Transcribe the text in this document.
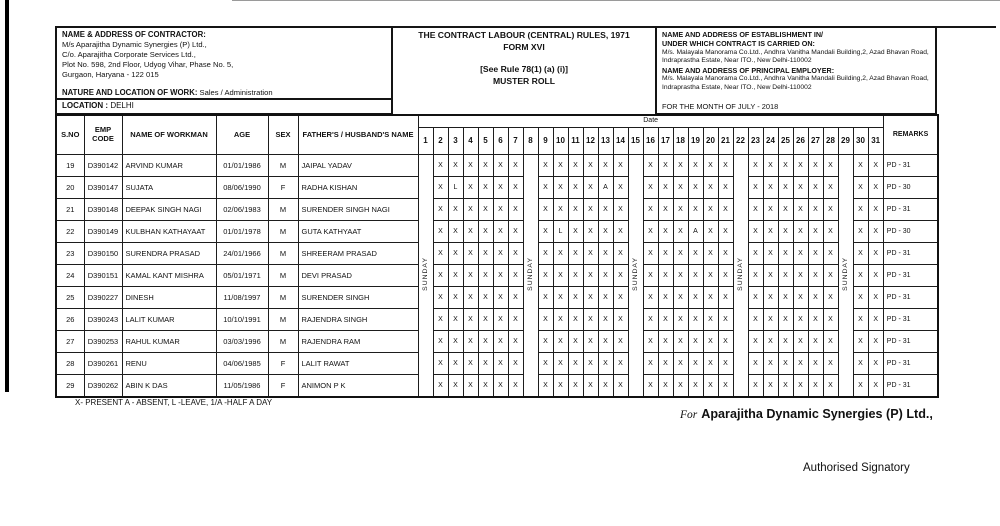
NAME & ADDRESS OF CONTRACTOR:
M/s Aparajitha Dynamic Synergies (P) Ltd.,
C/o. Aparajitha Corporate Services Ltd.,
Plot No. 598, 2nd Floor, Udyog Vihar, Phase No. 5,
Gurgaon, Haryana - 122 015
NATURE AND LOCATION OF WORK: Sales / Administration
LOCATION : DELHI
THE CONTRACT LABOUR (CENTRAL) RULES, 1971
FORM XVI
[See Rule 78(1) (a) (i)]
MUSTER ROLL
NAME AND ADDRESS OF ESTABLISHMENT IN/
UNDER WHICH CONTRACT IS CARRIED ON:
M/s. Malayala Manorama Co.Ltd., Andhra Vanitha Mandali Building,2, Azad Bhavan Road,
Indraprastha Estate, Near ITO., New Delhi-110002
NAME AND ADDRESS OF PRINCIPAL EMPLOYER:
M/s. Malayala Manorama Co.Ltd., Andhra Vanitha Mandali Building,2, Azad Bhavan Road,
Indraprastha Estate, Near ITO., New Delhi-110002
FOR THE MONTH OF JULY - 2018
S.NO	EMP CODE	NAME OF WORKMAN	AGE	SEX	FATHER'S / HUSBAND'S NAME	Date																															REMARKS
						1	2	3	4	5	6	7	8	9	10	11	12	13	14	15	16	17	18	19	20	21	22	23	24	25	26	27	28	29	30	31	
19	D390142	ARVIND KUMAR	01/01/1986	M	JAIPAL YADAV	SUNDAY	X	X	X	X	X	X	SUNDAY	X	X	X	X	X	X	SUNDAY	X	X	X	X	X	X	SUNDAY	X	X	X	X	X	X	SUNDAY	X	X	PD - 31
20	D390147	SUJATA	08/06/1990	F	RADHA KISHAN		X	L	X	X	X	X		X	X	X	X	A	X		X	X	X	X	X	X		X	X	X	X	X	X		X	X	PD - 30
21	D390148	DEEPAK SINGH NAGI	02/06/1983	M	SURENDER SINGH NAGI		X	X	X	X	X	X		X	X	X	X	X	X		X	X	X	X	X	X		X	X	X	X	X	X		X	X	PD - 31
22	D390149	KULBHAN KATHAYAAT	01/01/1978	M	GUTA KATHYAAT		X	X	X	X	X	X		X	L	X	X	X	X		X	X	X	A	X	X		X	X	X	X	X	X		X	X	PD - 30
23	D390150	SURENDRA PRASAD	24/01/1966	M	SHREERAM PRASAD		X	X	X	X	X	X		X	X	X	X	X	X		X	X	X	X	X	X		X	X	X	X	X	X		X	X	PD - 31
24	D390151	KAMAL KANT MISHRA	05/01/1971	M	DEVI PRASAD		X	X	X	X	X	X		X	X	X	X	X	X		X	X	X	X	X	X		X	X	X	X	X	X		X	X	PD - 31
25	D390227	DINESH	11/08/1997	M	SURENDER SINGH		X	X	X	X	X	X		X	X	X	X	X	X		X	X	X	X	X	X		X	X	X	X	X	X		X	X	PD - 31
26	D390243	LALIT KUMAR	10/10/1991	M	RAJENDRA SINGH		X	X	X	X	X	X		X	X	X	X	X	X		X	X	X	X	X	X		X	X	X	X	X	X		X	X	PD - 31
27	D390253	RAHUL KUMAR	03/03/1996	M	RAJENDRA RAM		X	X	X	X	X	X		X	X	X	X	X	X		X	X	X	X	X	X		X	X	X	X	X	X		X	X	PD - 31
28	D390261	RENU	04/06/1985	F	LALIT RAWAT		X	X	X	X	X	X		X	X	X	X	X	X		X	X	X	X	X	X		X	X	X	X	X	X		X	X	PD - 31
29	D390262	ABIN K DAS	11/05/1986	F	ANIMON P K		X	X	X	X	X	X		X	X	X	X	X	X		X	X	X	X	X	X		X	X	X	X	X	X		X	X	PD - 31
X- PRESENT A - ABSENT, L -LEAVE, 1/A -HALF A DAY
For Aparajitha Dynamic Synergies (P) Ltd.,
Authorised Signatory
